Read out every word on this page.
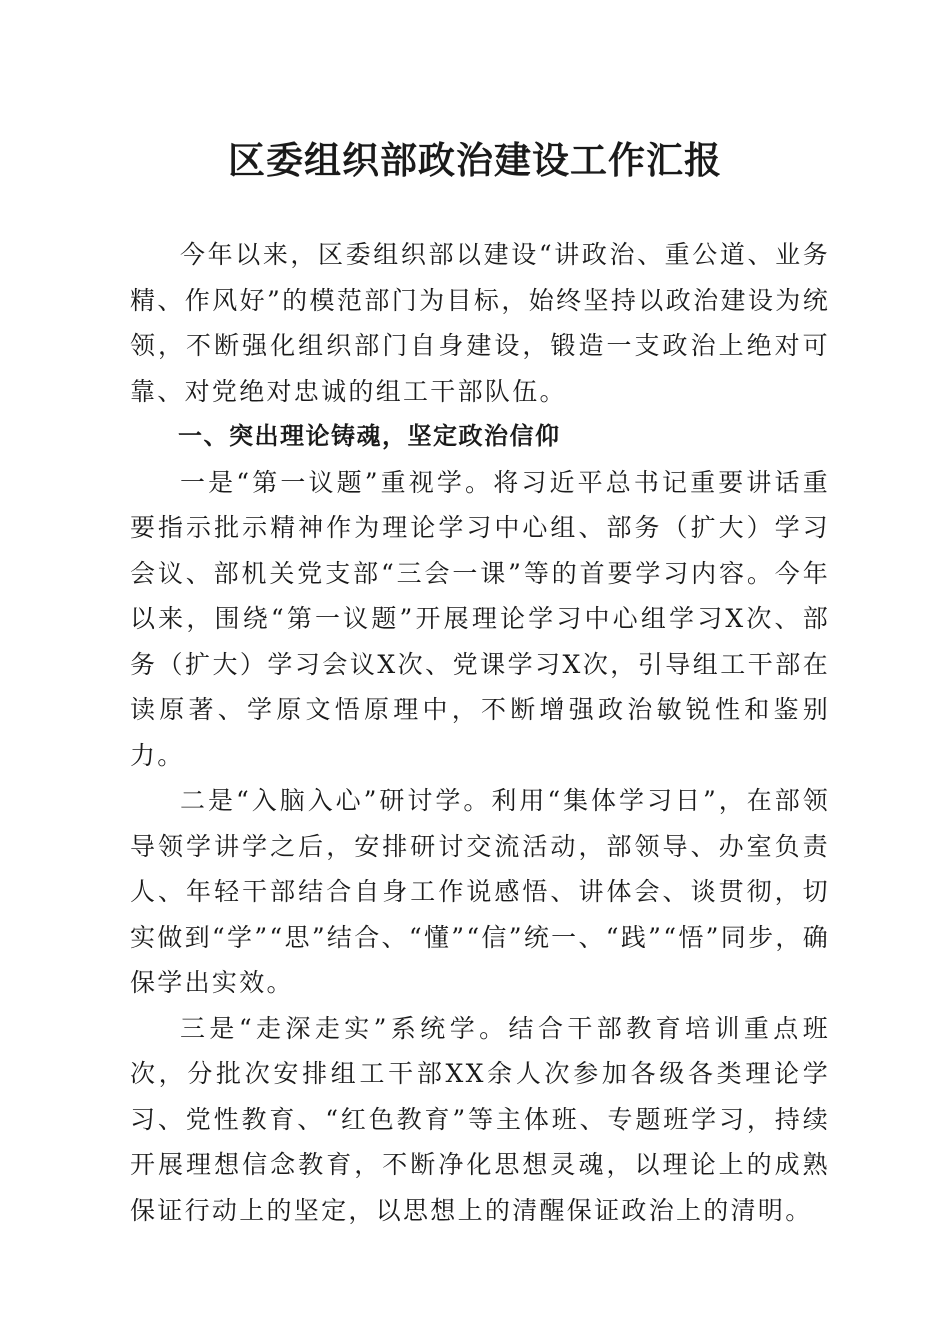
区委组织部政治建设工作汇报

今年以来，区委组织部以建设“讲政治、重公道、业务精、作风好”的模范部门为目标，始终坚持以政治建设为统领，不断强化组织部门自身建设，锻造一支政治上绝对可靠、对党绝对忠诚的组工干部队伍。

一、突出理论铸魂，坚定政治信仰

一是“第一议题”重视学。将习近平总书记重要讲话重要指示批示精神作为理论学习中心组、部务（扩大）学习会议、部机关党支部“三会一课”等的首要学习内容。今年以来，围绕“第一议题”开展理论学习中心组学习X次、部务（扩大）学习会议X次、党课学习X次，引导组工干部在读原著、学原文悟原理中，不断增强政治敏锐性和鉴别力。

二是“入脑入心”研讨学。利用“集体学习日”，在部领导领学讲学之后，安排研讨交流活动，部领导、办室负责人、年轻干部结合自身工作说感悟、讲体会、谈贯彻，切实做到“学”“思”结合、“懂”“信”统一、“践”“悟”同步，确保学出实效。

三是“走深走实”系统学。结合干部教育培训重点班次，分批次安排组工干部XX余人次参加各级各类理论学习、党性教育、“红色教育”等主体班、专题班学习，持续开展理想信念教育，不断净化思想灵魂，以理论上的成熟保证行动上的坚定，以思想上的清醒保证政治上的清明。
